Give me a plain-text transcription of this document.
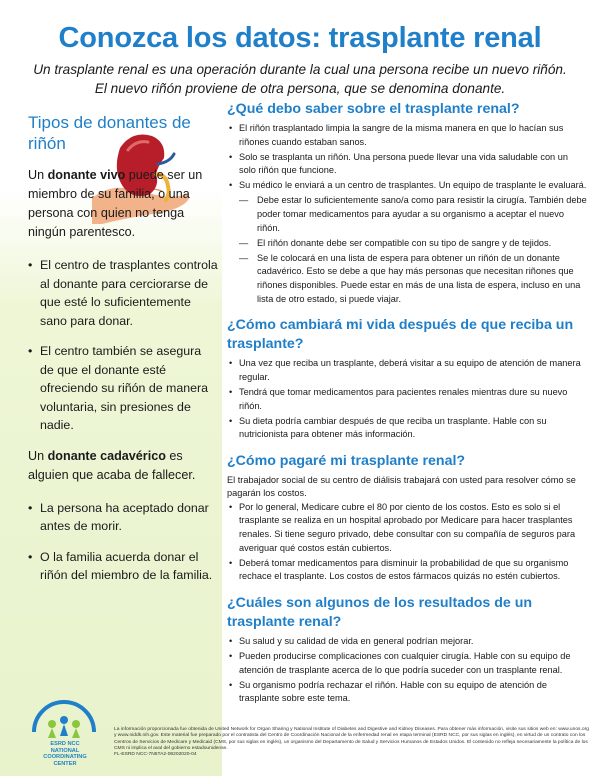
Conozca los datos: trasplante renal
Un trasplante renal es una operación durante la cual una persona recibe un nuevo riñón.
El nuevo riñón proviene de otra persona, que se denomina donante.
Tipos de donantes de riñón

Un donante vivo puede ser un miembro de su familia, o una persona con quien no tenga ningún parentesco.

• El centro de trasplantes controla al donante para cerciorarse de que esté lo suficientemente sano para donar.
• El centro también se asegura de que el donante esté ofreciendo su riñón de manera voluntaria, sin presiones de nadie.

Un donante cadavérico es alguien que acaba de fallecer.

• La persona ha aceptado donar antes de morir.
• O la familia acuerda donar el riñón del miembro de la familia.
ESRD NCC NATIONAL COORDINATING CENTER
¿Qué debo saber sobre el trasplante renal?
• El riñón trasplantado limpia la sangre de la misma manera en que lo hacían sus riñones cuando estaban sanos.
• Solo se trasplanta un riñón. Una persona puede llevar una vida saludable con un solo riñón que funcione.
• Su médico le enviará a un centro de trasplantes. Un equipo de trasplante le evaluará.
— Debe estar lo suficientemente sano/a como para resistir la cirugía. También debe poder tomar medicamentos para ayudar a su organismo a aceptar el nuevo riñón.
— El riñón donante debe ser compatible con su tipo de sangre y de tejidos.
— Se le colocará en una lista de espera para obtener un riñón de un donante cadavérico. Esto se debe a que hay más personas que necesitan riñones que riñones disponibles. Puede estar en más de una lista de espera, incluso en una lista de otro estado, si puede viajar.
¿Cómo cambiará mi vida después de que reciba un trasplante?
• Una vez que reciba un trasplante, deberá visitar a su equipo de atención de manera regular.
• Tendrá que tomar medicamentos para pacientes renales mientras dure su nuevo riñón.
• Su dieta podría cambiar después de que reciba un trasplante. Hable con su nutricionista para obtener más información.
¿Cómo pagaré mi trasplante renal?

El trabajador social de su centro de diálisis trabajará con usted para resolver cómo se pagarán los costos.

• Por lo general, Medicare cubre el 80 por ciento de los costos. Esto es solo si el trasplante se realiza en un hospital aprobado por Medicare para hacer trasplantes renales. Si tiene seguro privado, debe consultar con su compañía de seguros para averiguar qué costos están cubiertos.
• Deberá tomar medicamentos para disminuir la probabilidad de que su organismo rechace el trasplante. Los costos de estos fármacos quizás no estén cubiertos.
¿Cuáles son algunos de los resultados de un trasplante renal?
• Su salud y su calidad de vida en general podrían mejorar.
• Pueden producirse complicaciones con cualquier cirugía. Hable con su equipo de atención de trasplante acerca de lo que podría suceder con un trasplante renal.
• Su organismo podría rechazar el riñón. Hable con su equipo de atención de trasplante sobre este tema.
La información proporcionada fue obtenida de United Network for Organ Sharing y National Institute of Diabetes and Digestive and Kidney Diseases. Para obtener más información, visite sus sitios web en: www.unos.org y www.niddk.nih.gov. Este material fue preparado por el contratista del Centro de Coordinación Nacional de la enfermedad renal en etapa terminal (ESRD NCC, por sus siglas en inglés), en virtud de un contrato con los Centros de Servicios de Medicare y Medicaid (CMS, por sus siglas en inglés), un organismo del Departamento de Salud y Servicios Humanos de Estados Unidos. El contenido no refleja necesariamente la política de los CMS ni implica el aval del gobierno estadounidense.
FL-ESRD NCC-7N5TA2-08202020-04
